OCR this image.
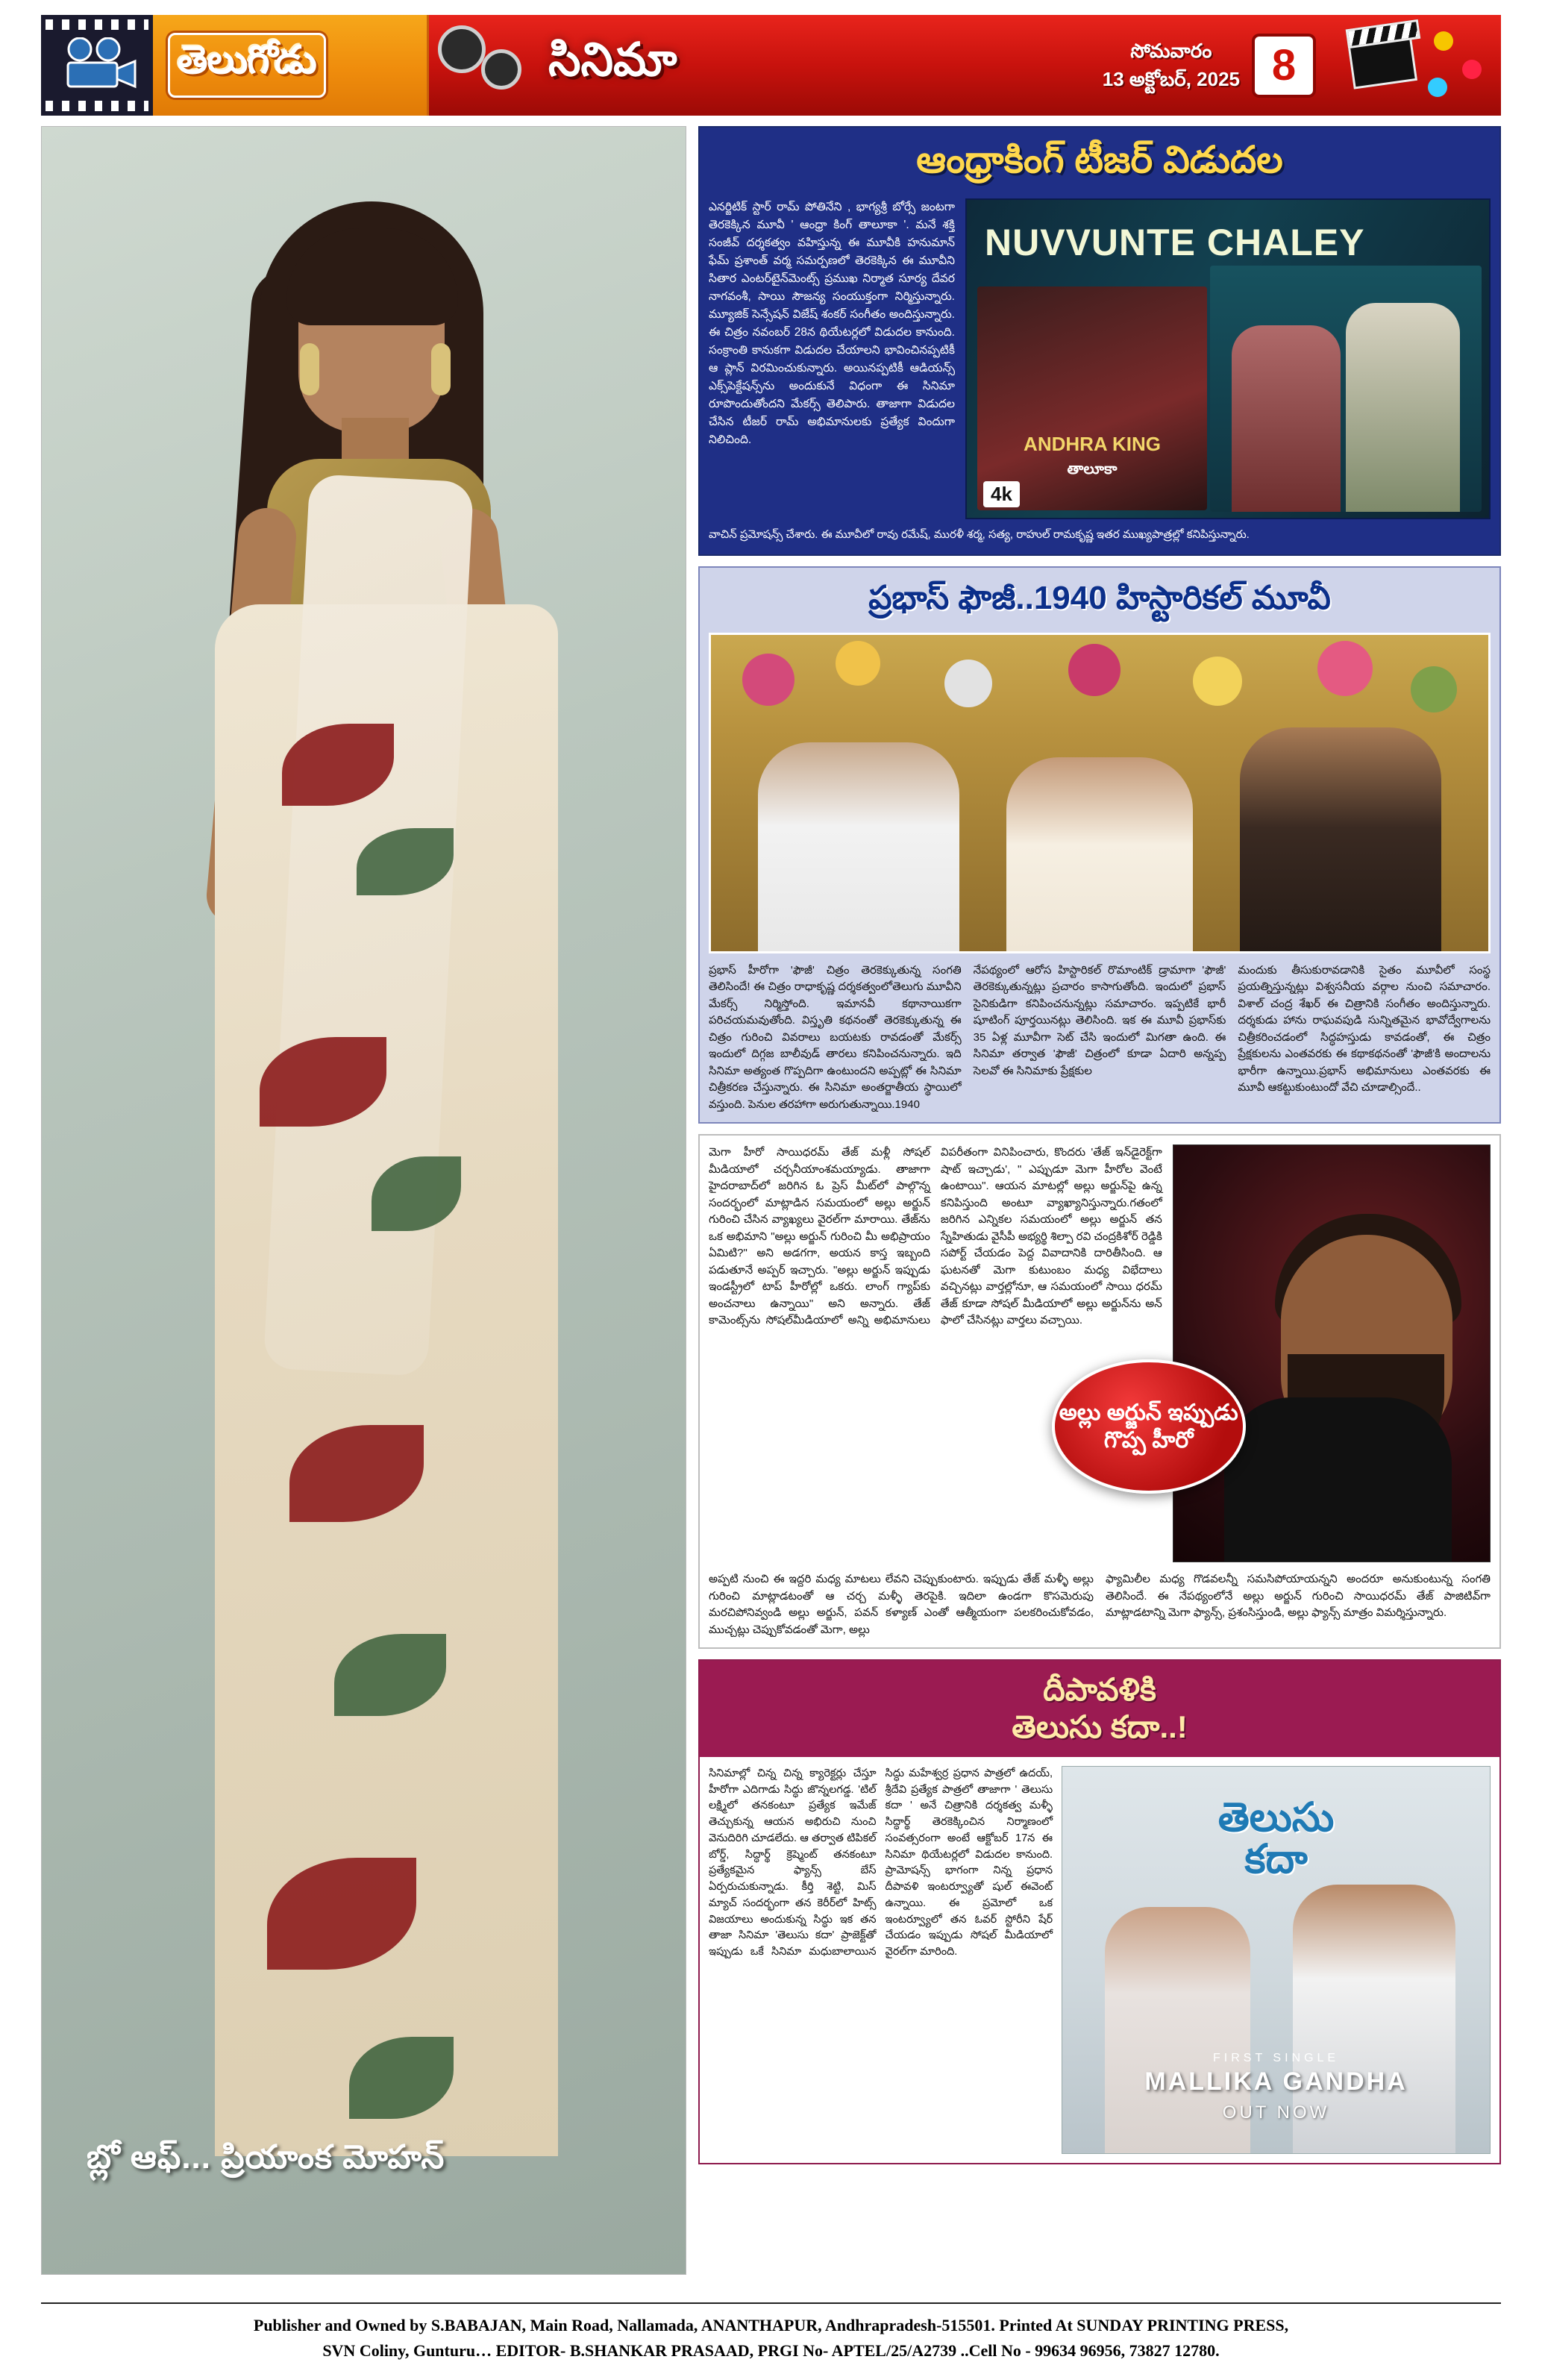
తెలుగోడు	సినిమా	సోమవారం
13 అక్టోబర్, 2025 8
బ్లో ఆఫ్... ప్రియాంక మోహన్
ఆంధ్రాకింగ్ టీజర్ విడుదల
ఎనర్జిటిక్ స్టార్ రామ్ పోతినేని , భాగ్యశ్రీ బోర్సే జంటగా తెరకెక్కిన మూవీ ' ఆంధ్రా కింగ్ తాలూకా '. మనే శక్తి సంజీవ్ దర్శకత్వం వహిస్తున్న ఈ మూవీకి హనుమాన్ ఫేమ్ ప్రశాంత్ వర్మ సమర్పణలో తెరకెక్కిన ఈ మూవీని సితార ఎంటర్‌టైన్‌మెంట్స్ ప్రముఖ నిర్మాత సూర్య దేవర నాగవంశీ, సాయి సౌజన్య సంయుక్తంగా నిర్మిస్తున్నారు. మ్యూజిక్ సెన్సేషన్ విజేష్ శంకర్ సంగీతం అందిస్తున్నారు. ఈ చిత్రం నవంబర్ 28న థియేటర్లలో విడుదల కానుంది. సంక్రాంతి కానుకగా విడుదల చేయాలని భావించినప్పటికీ ఆ ప్లాన్ విరమించుకున్నారు. అయినప్పటికీ ఆడియన్స్ ఎక్స్‌పెక్టేషన్స్‌ను అందుకునే విధంగా ఈ సినిమా రూపొందుతోందని మేకర్స్ తెలిపారు. తాజాగా విడుదల చేసిన టీజర్ రామ్ అభిమానులకు ప్రత్యేక విందుగా నిలిచింది.
NUVVUNTE CHALEY
ANDHRA KING
తాలూకా
4k
వాచిన్ ప్రమోషన్స్ చేశారు. ఈ మూవీలో రావు రమేష్, మురళీ శర్మ, సత్య, రాహుల్ రామకృష్ణ ఇతర ముఖ్యపాత్రల్లో కనిపిస్తున్నారు.
ప్రభాస్ ఫౌజీ..1940 హిస్టారికల్ మూవీ
ప్రభాస్ హీరోగా 'ఫౌజీ' చిత్రం తెరకెక్కుతున్న సంగతి తెలిసిందే! ఈ చిత్రం రాధాకృష్ణ దర్శకత్వంలోతెలుగు మూవీని మేకర్స్ నిర్మిస్తోంది. ఇమానవీ కథానాయికగా పరిచయమవుతోంది. విస్తృతి కథనంతో తెరకెక్కుతున్న ఈ చిత్రం గురించి వివరాలు బయటకు రావడంతో మేకర్స్ ఇందులో దిగ్గజ బాలీవుడ్ తారలు కనిపించనున్నారు. ఇది సినిమా అత్యంత గొప్పదిగా ఉంటుందని అప్పట్లో ఈ సినిమా చిత్రీకరణ చేస్తున్నారు. ఈ సినిమా అంతర్జాతీయ స్థాయిలో వస్తుంది. పెనుల తరహాగా అరుగుతున్నాయి.1940
నేపథ్యంలో ఆరోస హిస్టారికల్ రొమాంటిక్ డ్రామాగా 'ఫౌజీ' తెరకెక్కుతున్నట్లు ప్రచారం కాసాగుతోంది. ఇందులో ప్రభాస్ సైనికుడిగా కనిపించనున్నట్లు సమాచారం. ఇప్పటికే భారీ షూటింగ్ పూర్తయినట్లు తెలిసింది. ఇక ఈ మూవీ ప్రభాస్‌కు 35 ఏళ్ల మూవీగా సెట్ చేసి ఇందులో మిగతా ఉంది. ఈ సినిమా తర్వాత 'ఫౌజీ' చిత్రంలో కూడా ఏదారి అన్నప్ప సెలవో ఈ సినిమాకు ప్రేక్షకుల
మందుకు తీసుకురావడానికి సైతం మూవీలో సంస్థ ప్రయత్నిస్తున్నట్లు విశ్వసనీయ వర్గాల నుంచి సమాచారం. విశాల్ చంద్ర శేఖర్ ఈ చిత్రానికి సంగీతం అందిస్తున్నారు. దర్శకుడు హాను రాఘవపుడి సున్నితమైన భావోద్వేగాలను చిత్రీకరించడంలో సిద్ధహస్తుడు కావడంతో, ఈ చిత్రం ప్రేక్షకులను ఎంతవరకు ఈ కథాకథనంతో 'ఫౌజీ'కి అందాలను భారీగా ఉన్నాయి.ప్రభాస్ అభిమానులు ఎంతవరకు ఈ మూవీ ఆకట్టుకుంటుందో వేచి చూడాల్సిందే..
మెగా హీరో సాయిధరమ్ తేజ్ మళ్లీ సోషల్ మీడియాలో చర్చనీయాంశమయ్యాడు. తాజాగా హైదరాబాద్‌లో జరిగిన ఓ ప్రెస్ మీట్‌లో పాల్గొన్న సందర్భంలో మాట్లాడిన సమయంలో అల్లు అర్జున్ గురించి చేసిన వ్యాఖ్యలు వైరల్‌గా మారాయి. తేజ్‌ను ఒక అభిమాని "అల్లు అర్జున్ గురించి మీ అభిప్రాయం ఏమిటి?" అని అడగగా, అయన కాస్త ఇబ్బంది పడుతూనే అప్పర్ ఇచ్చారు. "అల్లు అర్జున్ ఇప్పుడు ఇండస్ట్రీలో టాప్ హీరోల్లో ఒకరు. లాంగ్ గ్యాప్‌కు అంచనాలు ఉన్నాయి" అని అన్నారు. తేజ్ కామెంట్స్‌ను సోషల్‌మీడియాలో అన్ని అభిమానులు విపరీతంగా వినిపించారు, కొందరు 'తేజ్ ఇన్‌డైరెక్ట్‌గా షాట్ ఇచ్చాడు', " ఎప్పుడూ మెగా హీరోల వెంటే ఉంటాయి". ఆయన మాటల్లో అల్లు అర్జున్‌పై ఉన్న కనిపిస్తుంది అంటూ వ్యాఖ్యానిస్తున్నారు.గతంలో జరిగిన ఎన్నికల సమయంలో అల్లు అర్జున్ తన స్నేహితుడు వైసీపీ అభ్యర్థి శిల్పా రవి చంద్రకిశోర్ రెడ్డికి సపోర్ట్ చేయడం పెద్ద వివాదానికి దారితీసింది. ఆ ఘటనతో మెగా కుటుంబం మధ్య విభేదాలు వచ్చినట్లు వార్తల్లోనూ, ఆ సమయంలో సాయి ధరమ్ తేజ్ కూడా సోషల్ మీడియాలో అల్లు అర్జున్‌ను అన్‌ ఫాలో చేసినట్లు వార్తలు వచ్చాయి.
అల్లు అర్జున్ ఇప్పుడు గొప్ప హీరో
అప్పటి నుంచి ఈ ఇద్దరి మధ్య మాటలు లేవని చెప్పుకుంటారు. ఇప్పుడు తేజ్ మళ్ళీ అల్లు గురించి మాట్లాడటంతో ఆ చర్చ మళ్ళీ తెరపైకి. ఇదిలా ఉండగా కొసమెరుపు మరచిపోనివ్వండి అల్లు అర్జున్, పవన్ కళ్యాణ్ ఎంతో ఆత్మీయంగా పలకరించుకోవడం, ముచ్చట్లు చెప్పుకోవడంతో మెగా, అల్లు
ఫ్యామిలీల మధ్య గొడవలన్నీ సమసిపోయాయన్నని అందరూ అనుకుంటున్న సంగతి తెలిసిందే. ఈ నేపథ్యంలోనే అల్లు అర్జున్ గురించి సాయిధరమ్ తేజ్ పాజిటివ్‌గా మాట్లాడటాన్ని మెగా ఫ్యాన్స్, ప్రశంసిస్తుండి, అల్లు ఫ్యాన్స్ మాత్రం విమర్శిస్తున్నారు.
దీపావళికి
తెలుసు కదా..!
సినిమాల్లో చిన్న చిన్న క్యారెక్టర్లు చేస్తూ హీరోగా ఎదిగాడు సిద్ధు జొన్నలగడ్డ. 'టిల్ లక్ష్మిలో తనకంటూ ప్రత్యేక ఇమేజ్ తెచ్చుకున్న ఆయన అభిరుచి నుంచి వెనుదిరిగి చూడలేదు. ఆ తర్వాత టిపికల్ బోర్డ్, సిద్ధార్థ్ క్రెష్మెంట్ తనకంటూ ప్రత్యేకమైన ఫ్యాన్స్ బేస్ ఏర్పరుచుకున్నాడు. కీర్తి శెట్టి, మిస్ మ్యాచ్ సందర్భంగా తన కెరీర్‌లో హిట్స్ విజయాలు అందుకున్న సిద్ధు ఇక తన తాజా సినిమా 'తెలుసు కదా' ప్రాజెక్ట్‌తో ఇప్పుడు ఒకే సినిమా మధుబాలాయిన సిద్ధు మహేశ్వర్ర ప్రధాన పాత్రలో ఉదయ్‌, శ్రీదేవి ప్రత్యేక పాత్రలో తాజాగా ' తెలుసు కదా ' అనే చిత్రానికి దర్శకత్వ మళ్ళీ సిద్ధార్థ్ తెరకెక్కించిన నిర్మాణంలో సంవత్సరంగా అంటే ఆక్టోబర్ 17న ఈ సినిమా థియేటర్లలో విడుదల కానుంది. ప్రామోషన్స్ భాగంగా నిన్న ప్రధాన దీపావళి ఇంటర్వ్యూతో షుల్ ఈవెంట్ ఉన్నాయి. ఈ ప్రమోలో ఒక ఇంటర్వ్యూలో తన ఓవర్ స్టోరీని షేర్ చేయడం ఇప్పుడు సోషల్ మీడియాలో వైరల్‌గా మారింది.
తెలుసు
కదా
FIRST SINGLE
MALLIKA GANDHA
OUT NOW
Publisher and Owned by S.BABAJAN, Main Road, Nallamada, ANANTHAPUR, Andhrapradesh-515501. Printed At SUNDAY PRINTING PRESS,
SVN Coliny, Gunturu… EDITOR- B.SHANKAR PRASAAD, PRGI No- APTEL/25/A2739 ..Cell No - 99634 96956, 73827 12780.
